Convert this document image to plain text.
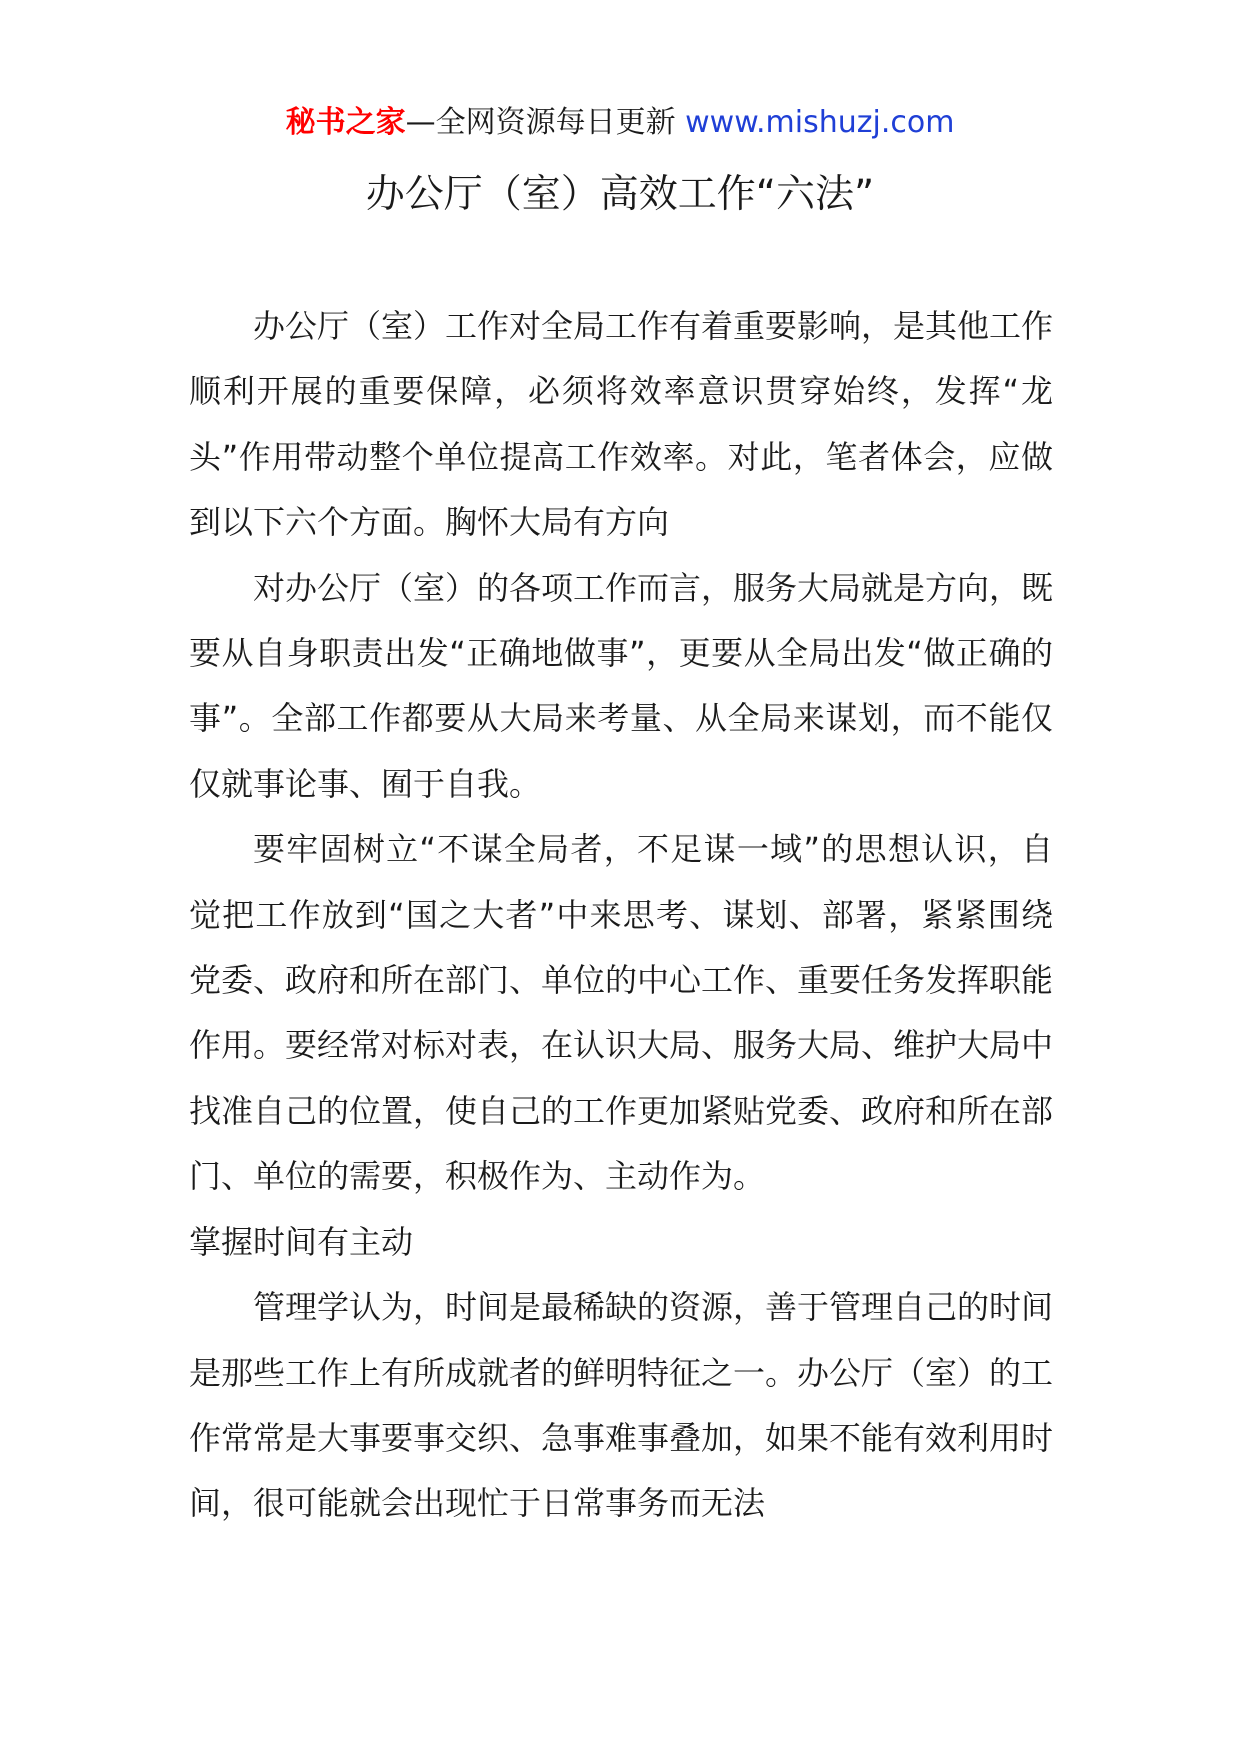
秘书之家—全网资源每日更新 www.mishuzj.com
办公厅（室）高效工作“六法”

办公厅（室）工作对全局工作有着重要影响，是其他工作顺利开展的重要保障，必须将效率意识贯穿始终，发挥“龙头”作用带动整个单位提高工作效率。对此，笔者体会，应做到以下六个方面。胸怀大局有方向

对办公厅（室）的各项工作而言，服务大局就是方向，既要从自身职责出发“正确地做事”，更要从全局出发“做正确的事”。全部工作都要从大局来考量、从全局来谋划，而不能仅仅就事论事、囿于自我。

要牢固树立“不谋全局者，不足谋一域”的思想认识，自觉把工作放到“国之大者”中来思考、谋划、部署，紧紧围绕党委、政府和所在部门、单位的中心工作、重要任务发挥职能作用。要经常对标对表，在认识大局、服务大局、维护大局中找准自己的位置，使自己的工作更加紧贴党委、政府和所在部门、单位的需要，积极作为、主动作为。

掌握时间有主动

管理学认为，时间是最稀缺的资源，善于管理自己的时间是那些工作上有所成就者的鲜明特征之一。办公厅（室）的工作常常是大事要事交织、急事难事叠加，如果不能有效利用时间，很可能就会出现忙于日常事务而无法
